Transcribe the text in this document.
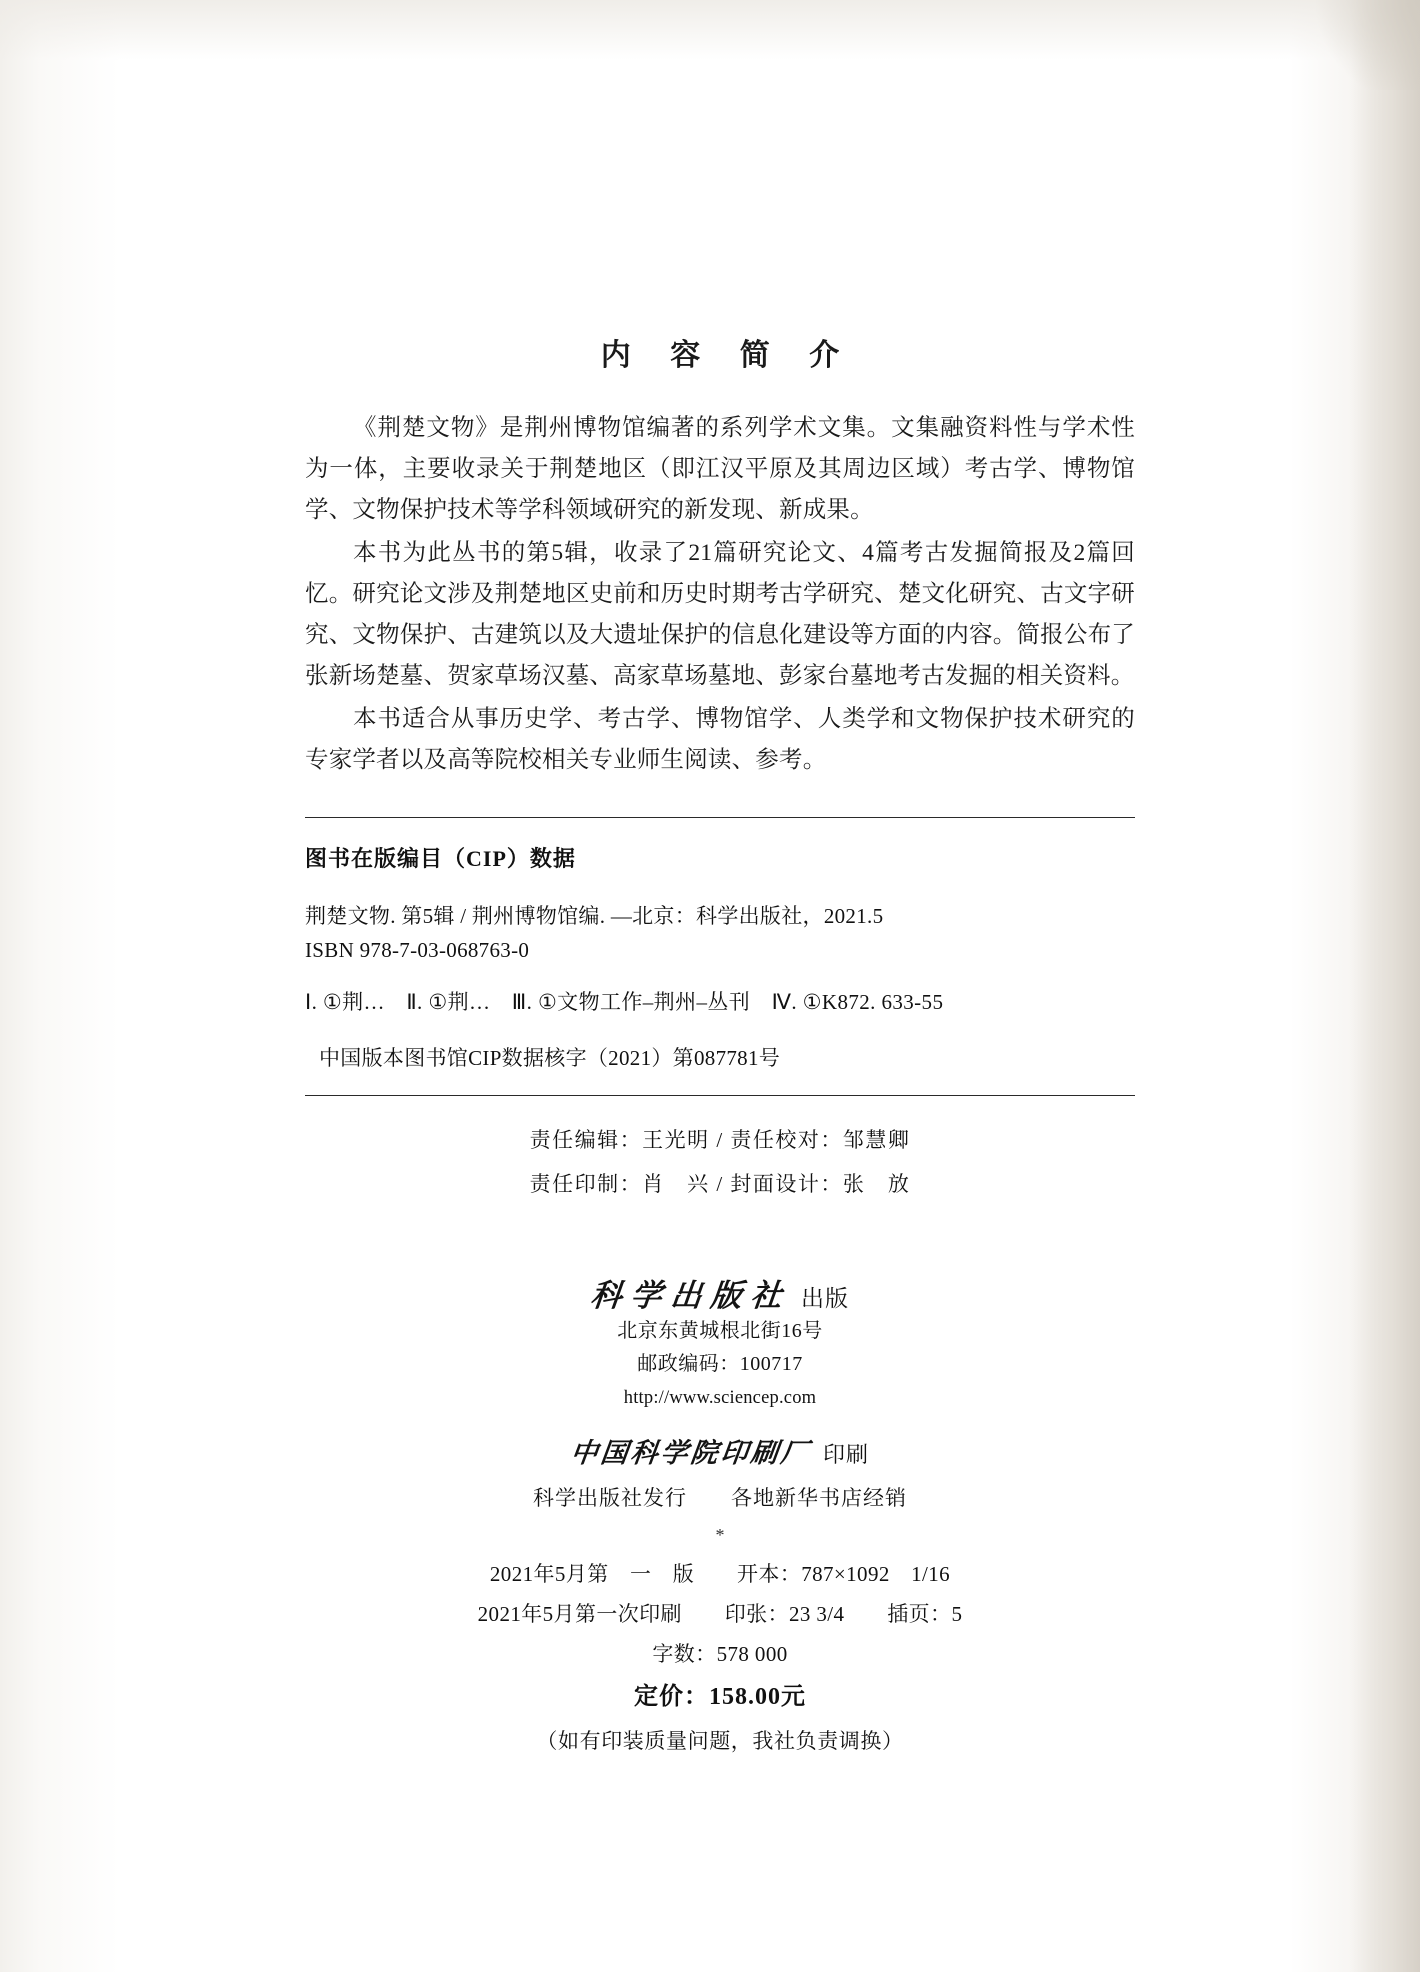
内 容 简 介

《荆楚文物》是荆州博物馆编著的系列学术文集。文集融资料性与学术性为一体，主要收录关于荆楚地区（即江汉平原及其周边区域）考古学、博物馆学、文物保护技术等学科领域研究的新发现、新成果。

本书为此丛书的第5辑，收录了21篇研究论文、4篇考古发掘简报及2篇回忆。研究论文涉及荆楚地区史前和历史时期考古学研究、楚文化研究、古文字研究、文物保护、古建筑以及大遗址保护的信息化建设等方面的内容。简报公布了张新场楚墓、贺家草场汉墓、高家草场墓地、彭家台墓地考古发掘的相关资料。

本书适合从事历史学、考古学、博物馆学、人类学和文物保护技术研究的专家学者以及高等院校相关专业师生阅读、参考。

图书在版编目（CIP）数据

荆楚文物. 第5辑 / 荆州博物馆编. —北京：科学出版社，2021.5

ISBN 978-7-03-068763-0

Ⅰ. ①荆…　Ⅱ. ①荆…　Ⅲ. ①文物工作–荆州–丛刊　Ⅳ. ①K872. 633-55

中国版本图书馆CIP数据核字（2021）第087781号

责任编辑：王光明 / 责任校对：邹慧卿
责任印制：肖　兴 / 封面设计：张　放
科学出版社 出版
北京东黄城根北街16号
邮政编码：100717
http://www.sciencep.com
中国科学院印刷厂 印刷
科学出版社发行　　各地新华书店经销
*
2021年5月第　一　版　　开本：787×1092　1/16
2021年5月第一次印刷　　印张：23 3/4　　插页：5
字数：578 000
定价：158.00元
（如有印装质量问题，我社负责调换）
